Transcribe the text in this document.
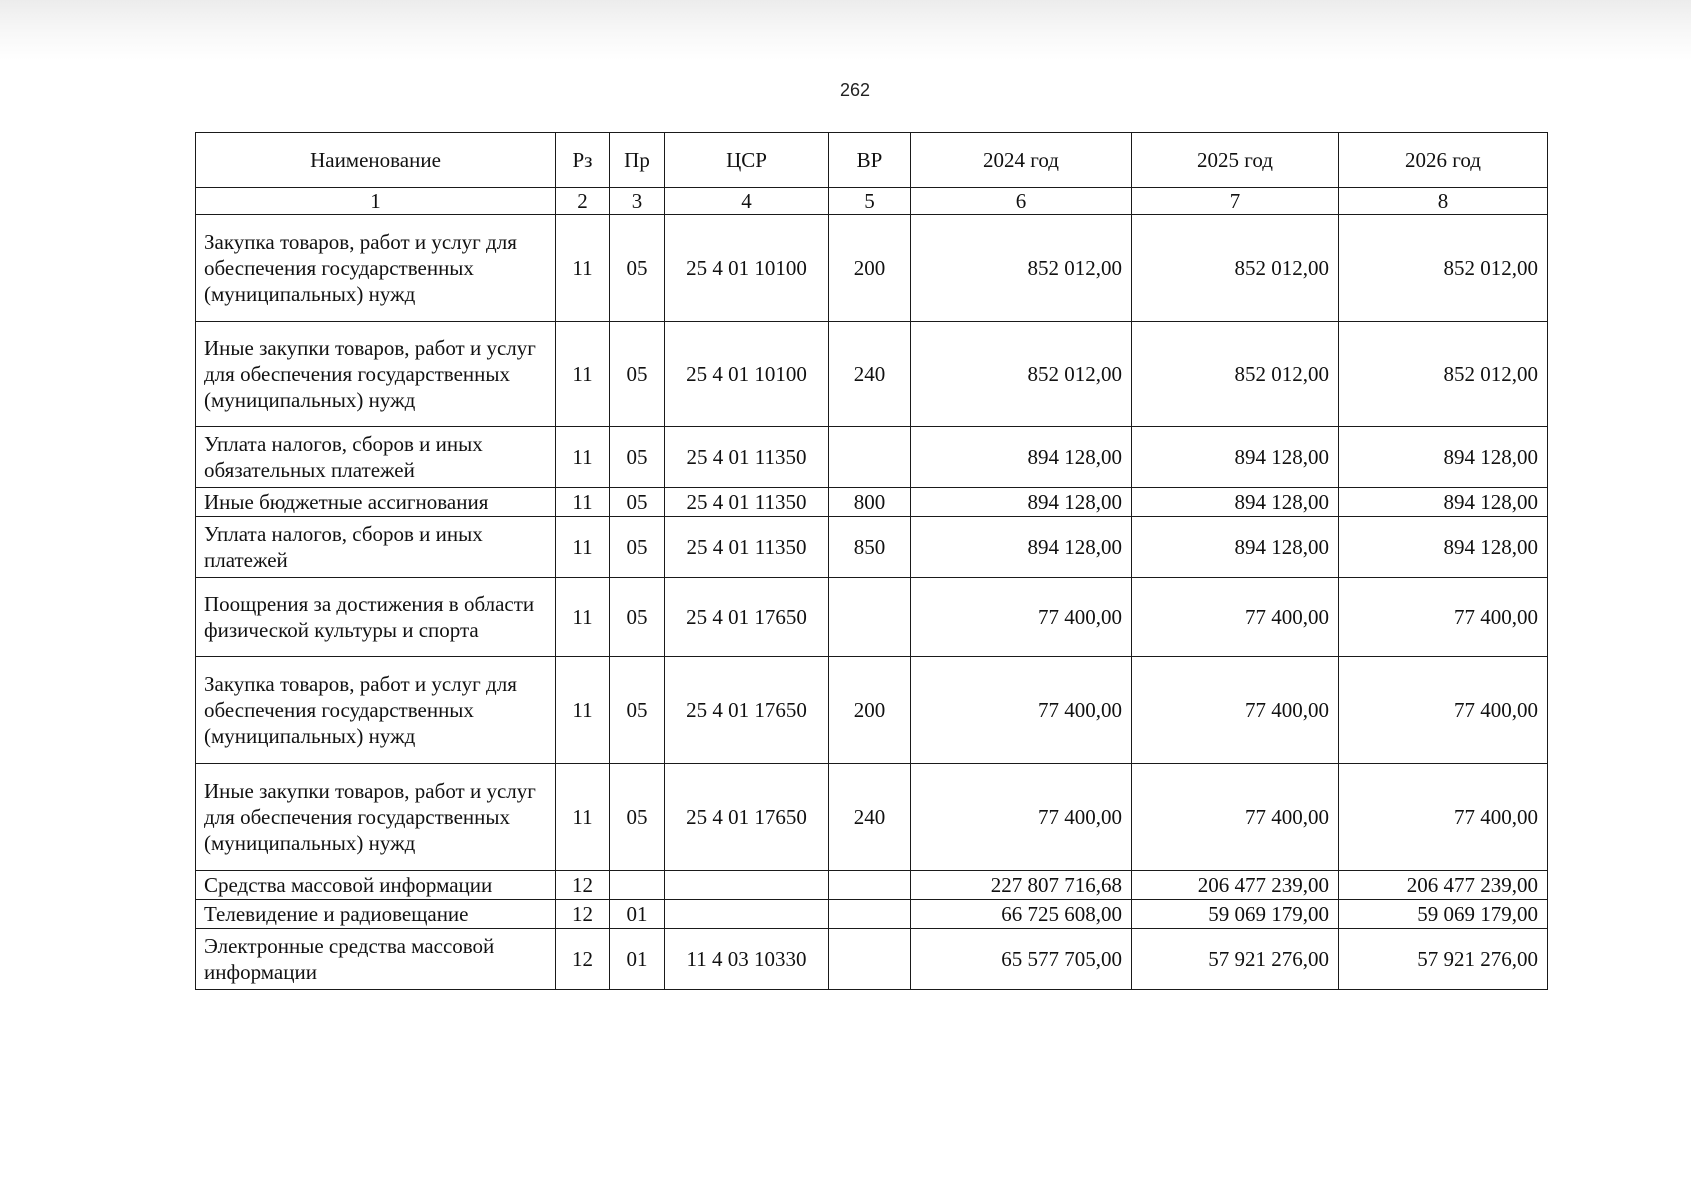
262
Наименование	Рз	Пр	ЦСР	ВР	2024 год	2025 год	2026 год
1	2	3	4	5	6	7	8
Закупка товаров, работ и услуг для обеспечения государственных (муниципальных) нужд	11	05	25 4 01 10100	200	852 012,00	852 012,00	852 012,00
Иные закупки товаров, работ и услуг для обеспечения государственных (муниципальных) нужд	11	05	25 4 01 10100	240	852 012,00	852 012,00	852 012,00
Уплата налогов, сборов и иных обязательных платежей	11	05	25 4 01 11350		894 128,00	894 128,00	894 128,00
Иные бюджетные ассигнования	11	05	25 4 01 11350	800	894 128,00	894 128,00	894 128,00
Уплата налогов, сборов и иных платежей	11	05	25 4 01 11350	850	894 128,00	894 128,00	894 128,00
Поощрения за достижения в области физической культуры и спорта	11	05	25 4 01 17650		77 400,00	77 400,00	77 400,00
Закупка товаров, работ и услуг для обеспечения государственных (муниципальных) нужд	11	05	25 4 01 17650	200	77 400,00	77 400,00	77 400,00
Иные закупки товаров, работ и услуг для обеспечения государственных (муниципальных) нужд	11	05	25 4 01 17650	240	77 400,00	77 400,00	77 400,00
Средства массовой информации	12				227 807 716,68	206 477 239,00	206 477 239,00
Телевидение и радиовещание	12	01			66 725 608,00	59 069 179,00	59 069 179,00
Электронные средства массовой информации	12	01	11 4 03 10330		65 577 705,00	57 921 276,00	57 921 276,00
